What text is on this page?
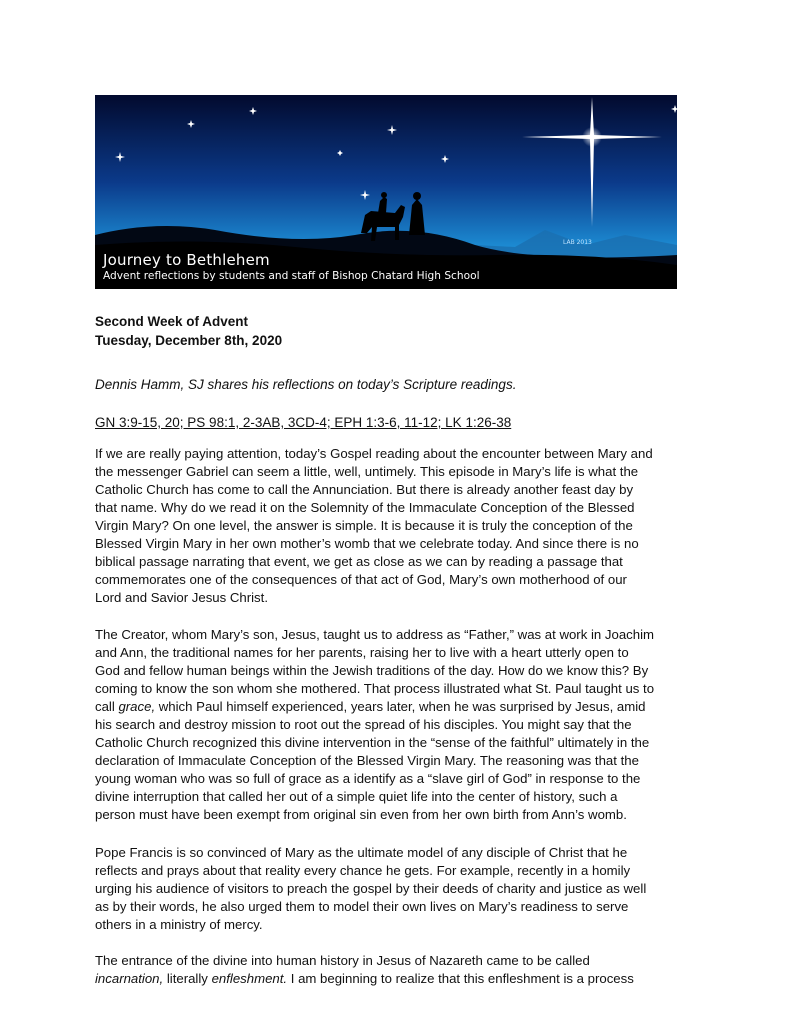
LAB 2013
Journey to Bethlehem
Advent reflections by students and staff of Bishop Chatard High School
Second Week of Advent
Tuesday, December 8th, 2020
Dennis Hamm, SJ shares his reflections on today’s Scripture readings.
GN 3:9-15, 20; PS 98:1, 2-3AB, 3CD-4; EPH 1:3-6, 11-12; LK 1:26-38
If we are really paying attention, today’s Gospel reading about the encounter between Mary and
the messenger Gabriel can seem a little, well, untimely. This episode in Mary’s life is what the
Catholic Church has come to call the Annunciation. But there is already another feast day by
that name. Why do we read it on the Solemnity of the Immaculate Conception of the Blessed
Virgin Mary? On one level, the answer is simple. It is because it is truly the conception of the
Blessed Virgin Mary in her own mother’s womb that we celebrate today. And since there is no
biblical passage narrating that event, we get as close as we can by reading a passage that
commemorates one of the consequences of that act of God, Mary’s own motherhood of our
Lord and Savior Jesus Christ.
The Creator, whom Mary’s son, Jesus, taught us to address as “Father,” was at work in Joachim
and Ann, the traditional names for her parents, raising her to live with a heart utterly open to
God and fellow human beings within the Jewish traditions of the day. How do we know this? By
coming to know the son whom she mothered. That process illustrated what St. Paul taught us to
call grace, which Paul himself experienced, years later, when he was surprised by Jesus, amid
his search and destroy mission to root out the spread of his disciples. You might say that the
Catholic Church recognized this divine intervention in the “sense of the faithful” ultimately in the
declaration of Immaculate Conception of the Blessed Virgin Mary. The reasoning was that the
young woman who was so full of grace as a identify as a “slave girl of God” in response to the
divine interruption that called her out of a simple quiet life into the center of history, such a
person must have been exempt from original sin even from her own birth from Ann’s womb.
Pope Francis is so convinced of Mary as the ultimate model of any disciple of Christ that he
reflects and prays about that reality every chance he gets. For example, recently in a homily
urging his audience of visitors to preach the gospel by their deeds of charity and justice as well
as by their words, he also urged them to model their own lives on Mary’s readiness to serve
others in a ministry of mercy.
The entrance of the divine into human history in Jesus of Nazareth came to be called
incarnation, literally enfleshment. I am beginning to realize that this enfleshment is a process
